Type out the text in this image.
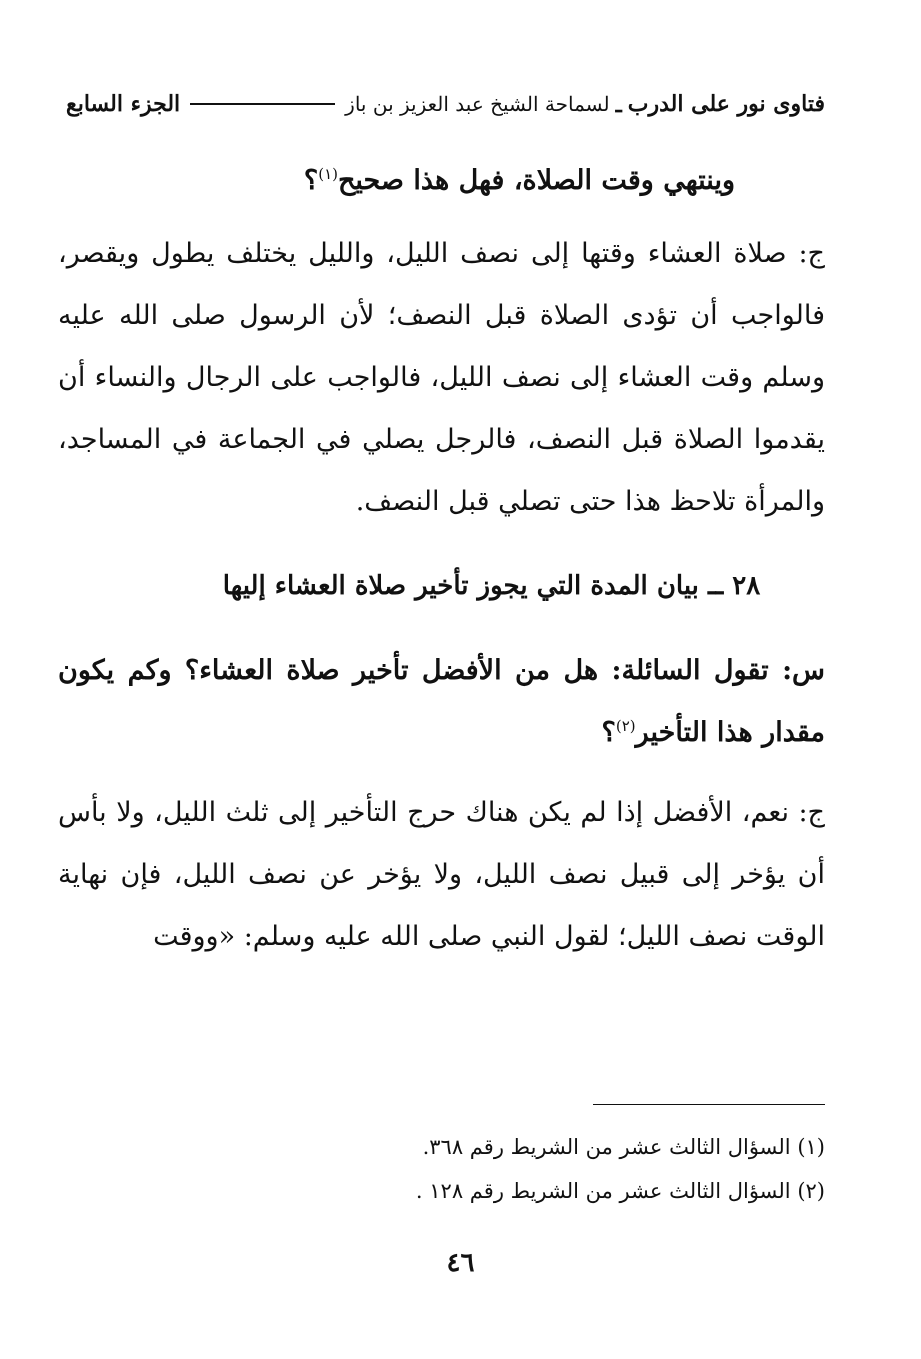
فتاوى نور على الدرب
ـ
لسماحة الشيخ عبد العزيز بن باز
الجزء السابع
وينتهي وقت الصلاة، فهل هذا صحيح$^{(١)}$؟
ج: صلاة العشاء وقتها إلى نصف الليل، والليل يختلف يطول ويقصر، فالواجب أن تؤدى الصلاة قبل النصف؛ لأن الرسول صلى الله عليه وسلم وقت العشاء إلى نصف الليل، فالواجب على الرجال والنساء أن يقدموا الصلاة قبل النصف، فالرجل يصلي في الجماعة في المساجد، والمرأة تلاحظ هذا حتى تصلي قبل النصف.
٢٨ ــ بيان المدة التي يجوز تأخير صلاة العشاء إليها
س: تقول السائلة: هل من الأفضل تأخير صلاة العشاء؟ وكم يكون مقدار هذا التأخير$^{(٢)}$؟
ج: نعم، الأفضل إذا لم يكن هناك حرج التأخير إلى ثلث الليل، ولا بأس أن يؤخر إلى قبيل نصف الليل، ولا يؤخر عن نصف الليل، فإن نهاية الوقت نصف الليل؛ لقول النبي صلى الله عليه وسلم: «ووقت
(١) السؤال الثالث عشر من الشريط رقم ٣٦٨.
(٢) السؤال الثالث عشر من الشريط رقم ١٢٨ .
٤٦
